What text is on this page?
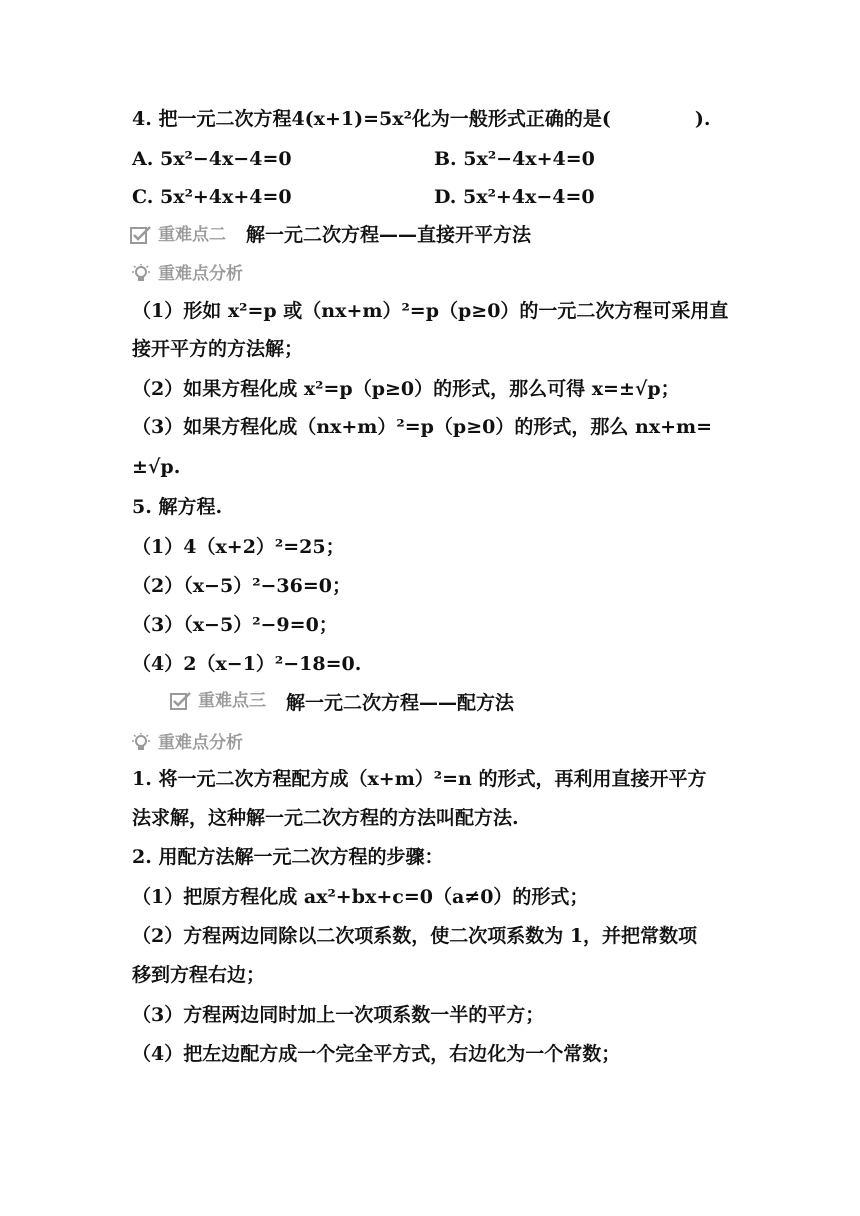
4. 把一元二次方程4(x+1)=5x²化为一般形式正确的是(	).
A. 5x²−4x−4=0	B. 5x²−4x+4=0
C. 5x²+4x+4=0	D. 5x²+4x−4=0
重难点二 解一元二次方程——直接开平方法
重难点分析
（1）形如 x²=p 或（nx+m）²=p（p≥0）的一元二次方程可采用直
接开平方的方法解；
（2）如果方程化成 x²=p（p≥0）的形式，那么可得 x=±√p；
（3）如果方程化成（nx+m）²=p（p≥0）的形式，那么 nx+m=
±√p.
5. 解方程.
（1）4（x+2）²=25；
（2）（x−5）²−36=0；
（3）（x−5）²−9=0；
（4）2（x−1）²−18=0.
重难点三 解一元二次方程——配方法
重难点分析
1. 将一元二次方程配方成（x+m）²=n 的形式，再利用直接开平方
法求解，这种解一元二次方程的方法叫配方法.
2. 用配方法解一元二次方程的步骤：
（1）把原方程化成 ax²+bx+c=0（a≠0）的形式；
（2）方程两边同除以二次项系数，使二次项系数为 1，并把常数项
移到方程右边；
（3）方程两边同时加上一次项系数一半的平方；
（4）把左边配方成一个完全平方式，右边化为一个常数；
